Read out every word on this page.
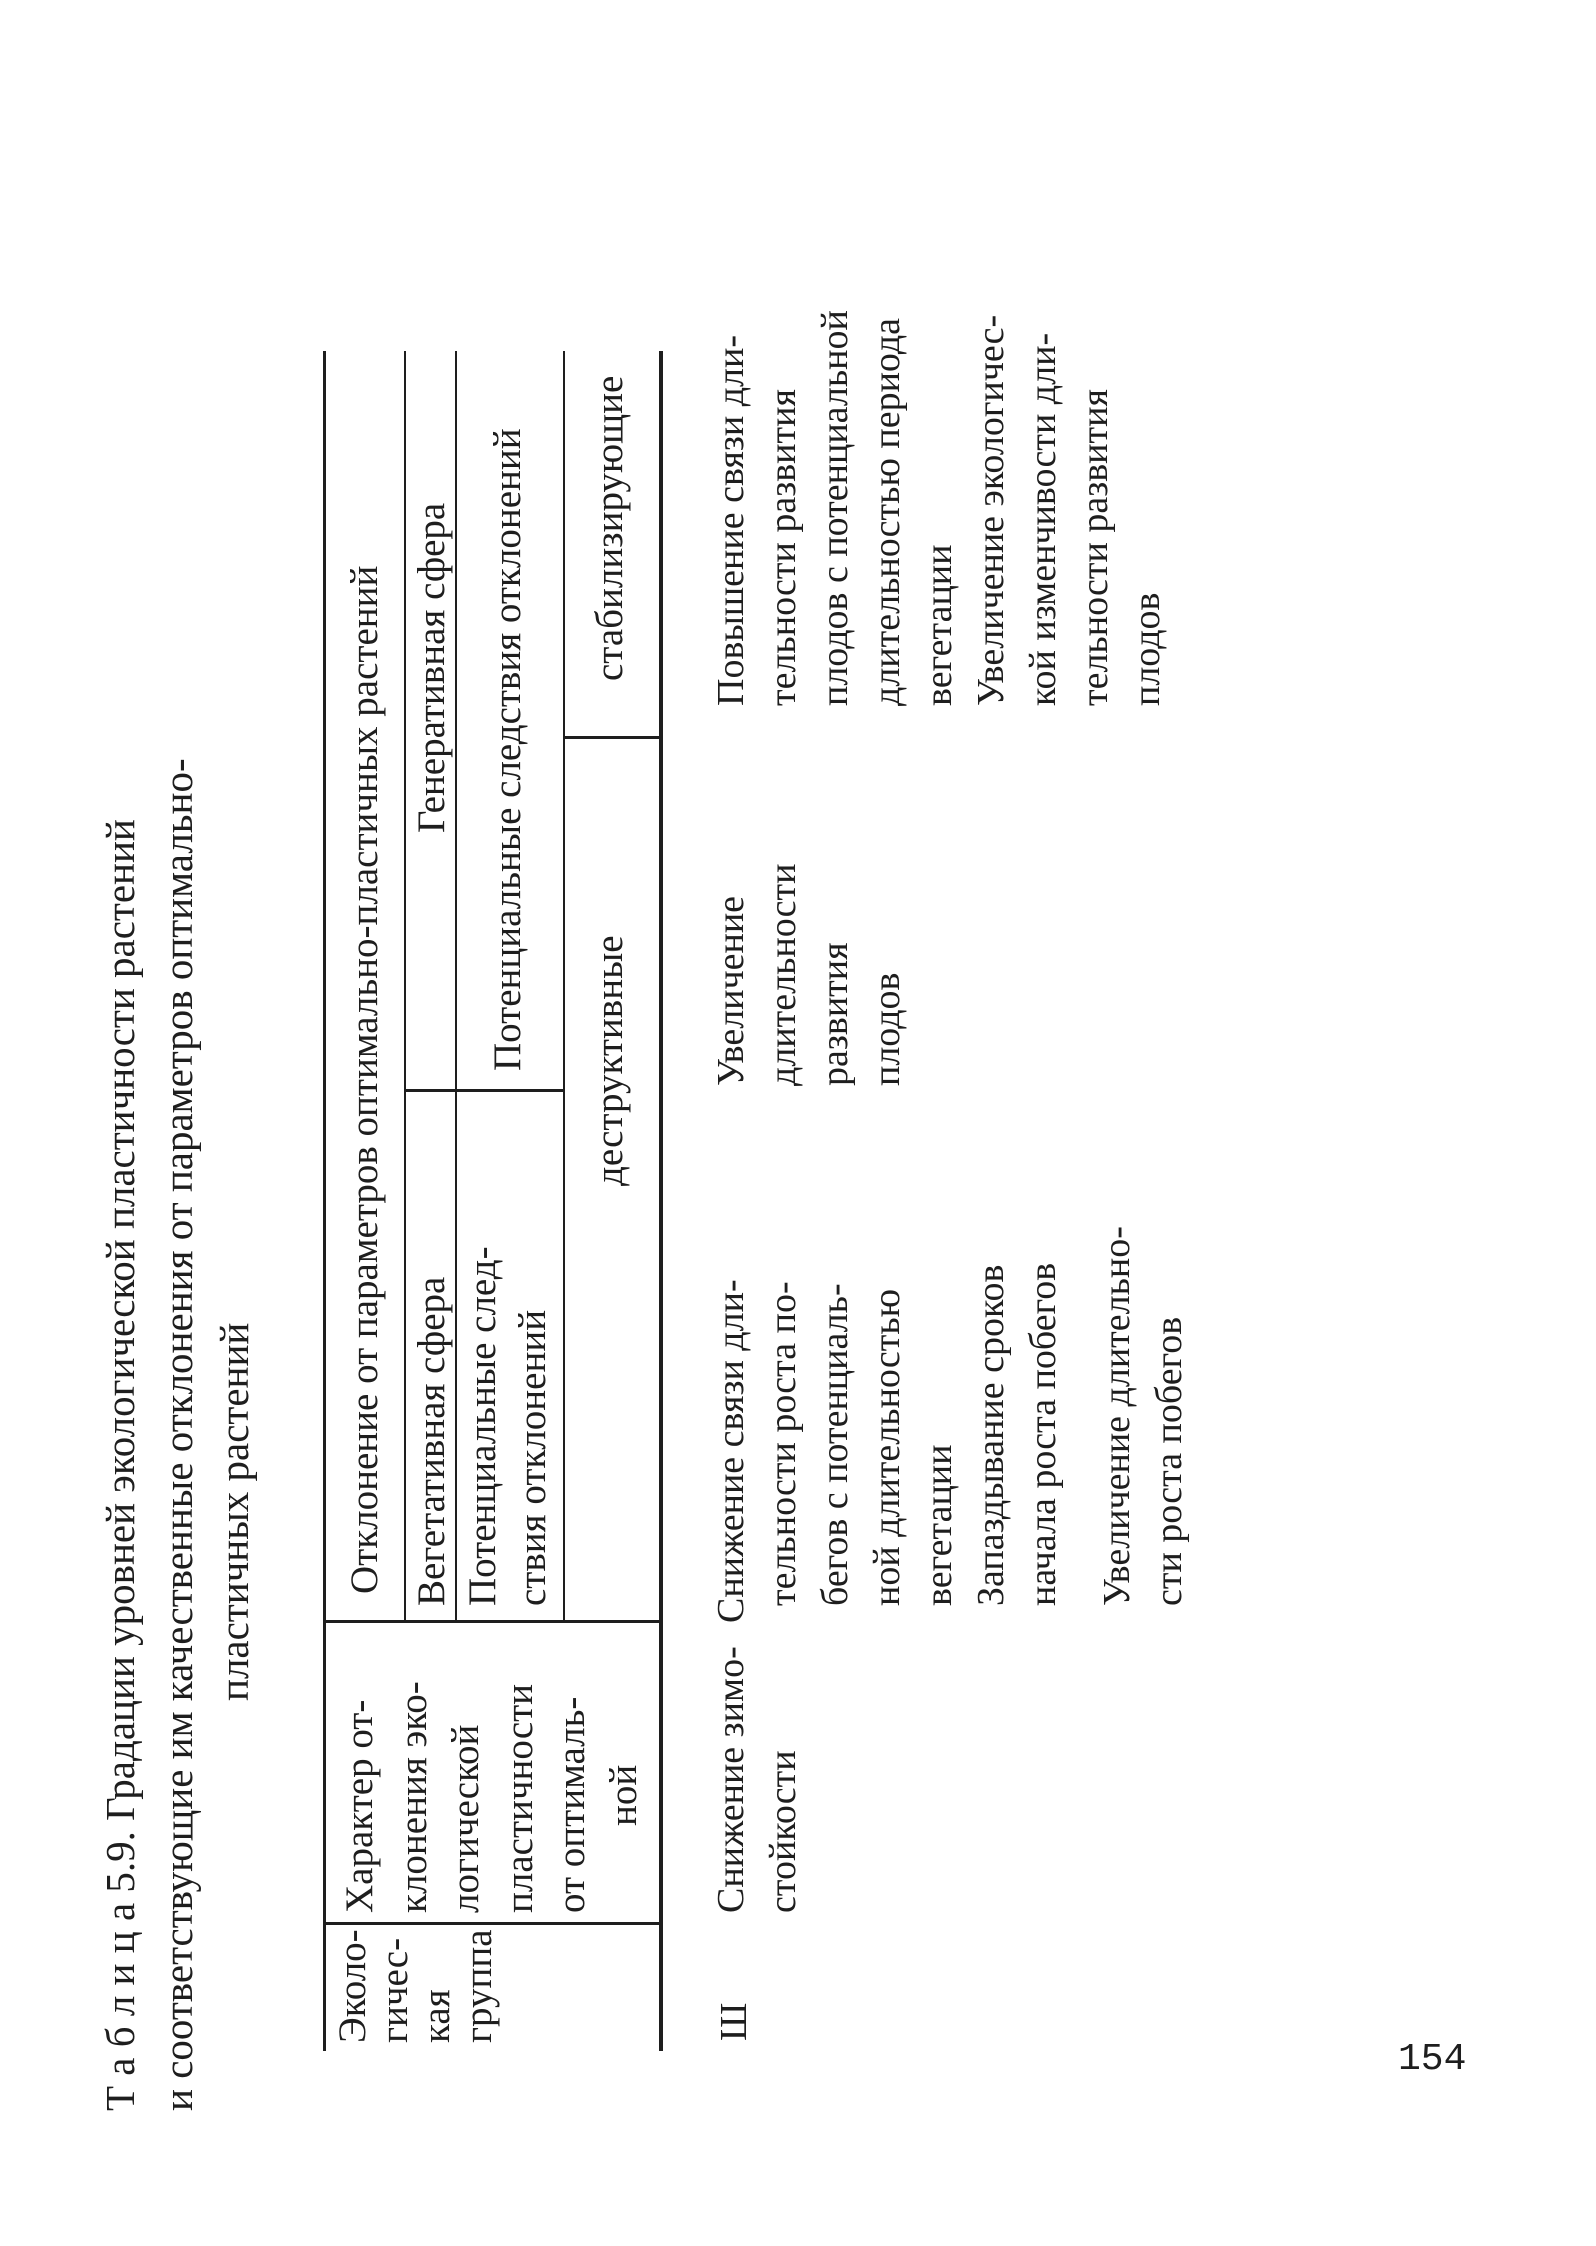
Т а б л и ц а 5.9. Градации уровней экологической пластичности растений и соответствующие им качественные отклонения от параметров оптимально- пластичных растений
Эколо- гичес- кая группа
Характер от- клонения эко- логической пластичности от оптималь- ной
Отклонение от параметров оптимально-пластичных растений Вегетативная сфера
Генеративная сфера
Потенциальные след- ствия отклонений
Потенциальные следствия отклонений деструктивные
стабилизирующие
Ш
Снижение зимо- стойкости
Снижение связи дли- тельности роста по- бегов с потенциаль- ной длительностью вегетации Запаздывание сроков начала роста побегов Увеличение длительно- сти роста побегов
Увеличение длительности развития плодов
Повышение связи дли- тельности развития плодов с потенциальной длительностью периода вегетации Увеличение экологичес- кой изменчивости дли- тельности развития плодов
154
